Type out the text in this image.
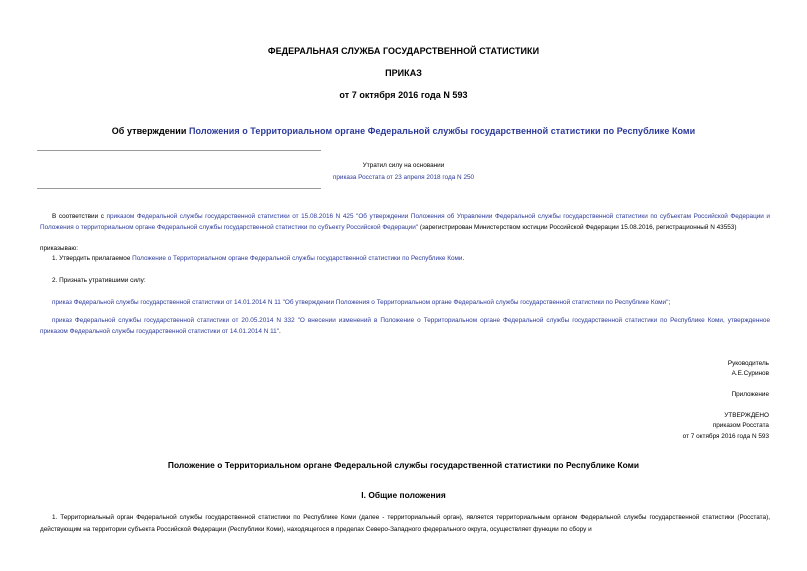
ФЕДЕРАЛЬНАЯ СЛУЖБА ГОСУДАРСТВЕННОЙ СТАТИСТИКИ
ПРИКАЗ
от 7 октября 2016 года N 593
Об утверждении Положения о Территориальном органе Федеральной службы государственной статистики по Республике Коми
Утратил силу на основании
приказа Росстата от 23 апреля 2018 года N 250
В соответствии с приказом Федеральной службы государственной статистики от 15.08.2016 N 425 "Об утверждении Положения об Управлении Федеральной службы государственной статистики по субъектам Российской Федерации и Положения о территориальном органе Федеральной службы государственной статистики по субъекту Российской Федерации" (зарегистрирован Министерством юстиции Российской Федерации 15.08.2016, регистрационный N 43553)
приказываю:
1. Утвердить прилагаемое Положение о Территориальном органе Федеральной службы государственной статистики по Республике Коми.
2. Признать утратившими силу:
приказ Федеральной службы государственной статистики от 14.01.2014 N 11 "Об утверждении Положения о Территориальном органе Федеральной службы государственной статистики по Республике Коми";
приказ Федеральной службы государственной статистики от 20.05.2014 N 332 "О внесении изменений в Положение о Территориальном органе Федеральной службы государственной статистики по Республике Коми, утвержденное приказом Федеральной службы государственной статистики от 14.01.2014 N 11".
Руководитель
А.Е.Суринов
Приложение
УТВЕРЖДЕНО
приказом Росстата
от 7 октября 2016 года N 593
Положение о Территориальном органе Федеральной службы государственной статистики по Республике Коми
I. Общие положения
1. Территориальный орган Федеральной службы государственной статистики по Республике Коми (далее - территориальный орган), является территориальным органом Федеральной службы государственной статистики (Росстата), действующим на территории субъекта Российской Федерации (Республики Коми), находящегося в пределах Северо-Западного федерального округа, осуществляет функции по сбору и
